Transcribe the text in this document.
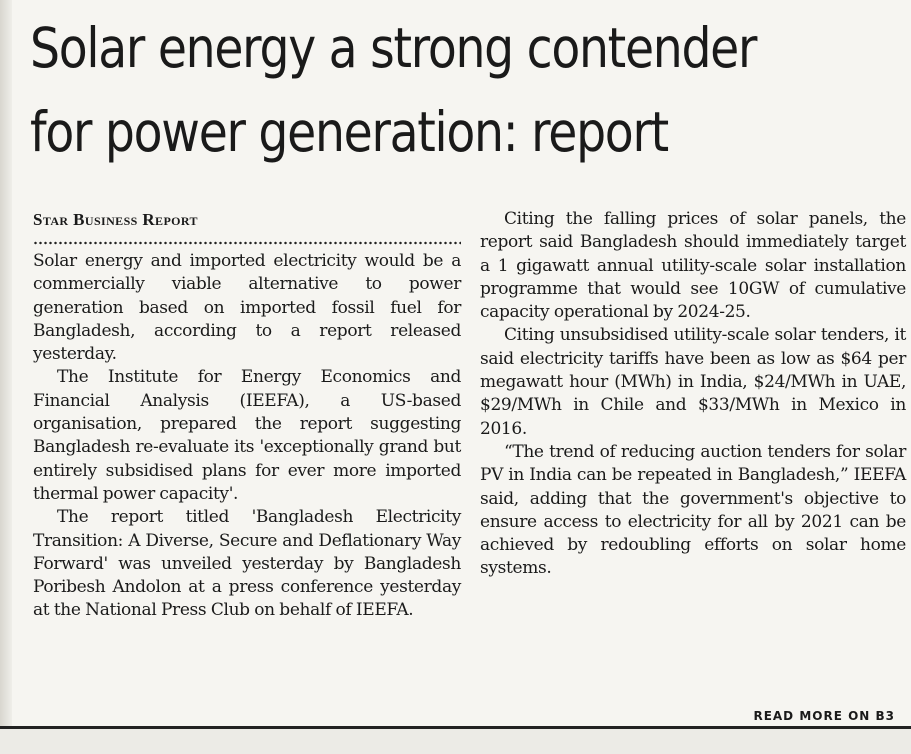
Solar energy a strong contender
for power generation: report
Star Business Report

Solar energy and imported electricity would be a commercially viable alternative to power generation based on imported fossil fuel for Bangladesh, according to a report released yesterday.

The Institute for Energy Economics and Financial Analysis (IEEFA), a US-based organisation, prepared the report suggesting Bangladesh re-evaluate its 'exceptionally grand but entirely subsidised plans for ever more imported thermal power capacity'.

The report titled 'Bangladesh Electricity Transition: A Diverse, Secure and Deflationary Way Forward' was unveiled yesterday by Bangladesh Poribesh Andolon at a press conference yesterday at the National Press Club on behalf of IEEFA.

Citing the falling prices of solar panels, the report said Bangladesh should immediately target a 1 gigawatt annual utility-scale solar installation programme that would see 10GW of cumulative capacity operational by 2024-25.

Citing unsubsidised utility-scale solar tenders, it said electricity tariffs have been as low as $64 per megawatt hour (MWh) in India, $24/MWh in UAE, $29/MWh in Chile and $33/MWh in Mexico in 2016.

“The trend of reducing auction tenders for solar PV in India can be repeated in Bangladesh,” IEEFA said, adding that the government's objective to ensure access to electricity for all by 2021 can be achieved by redoubling efforts on solar home systems.

READ MORE ON B3
